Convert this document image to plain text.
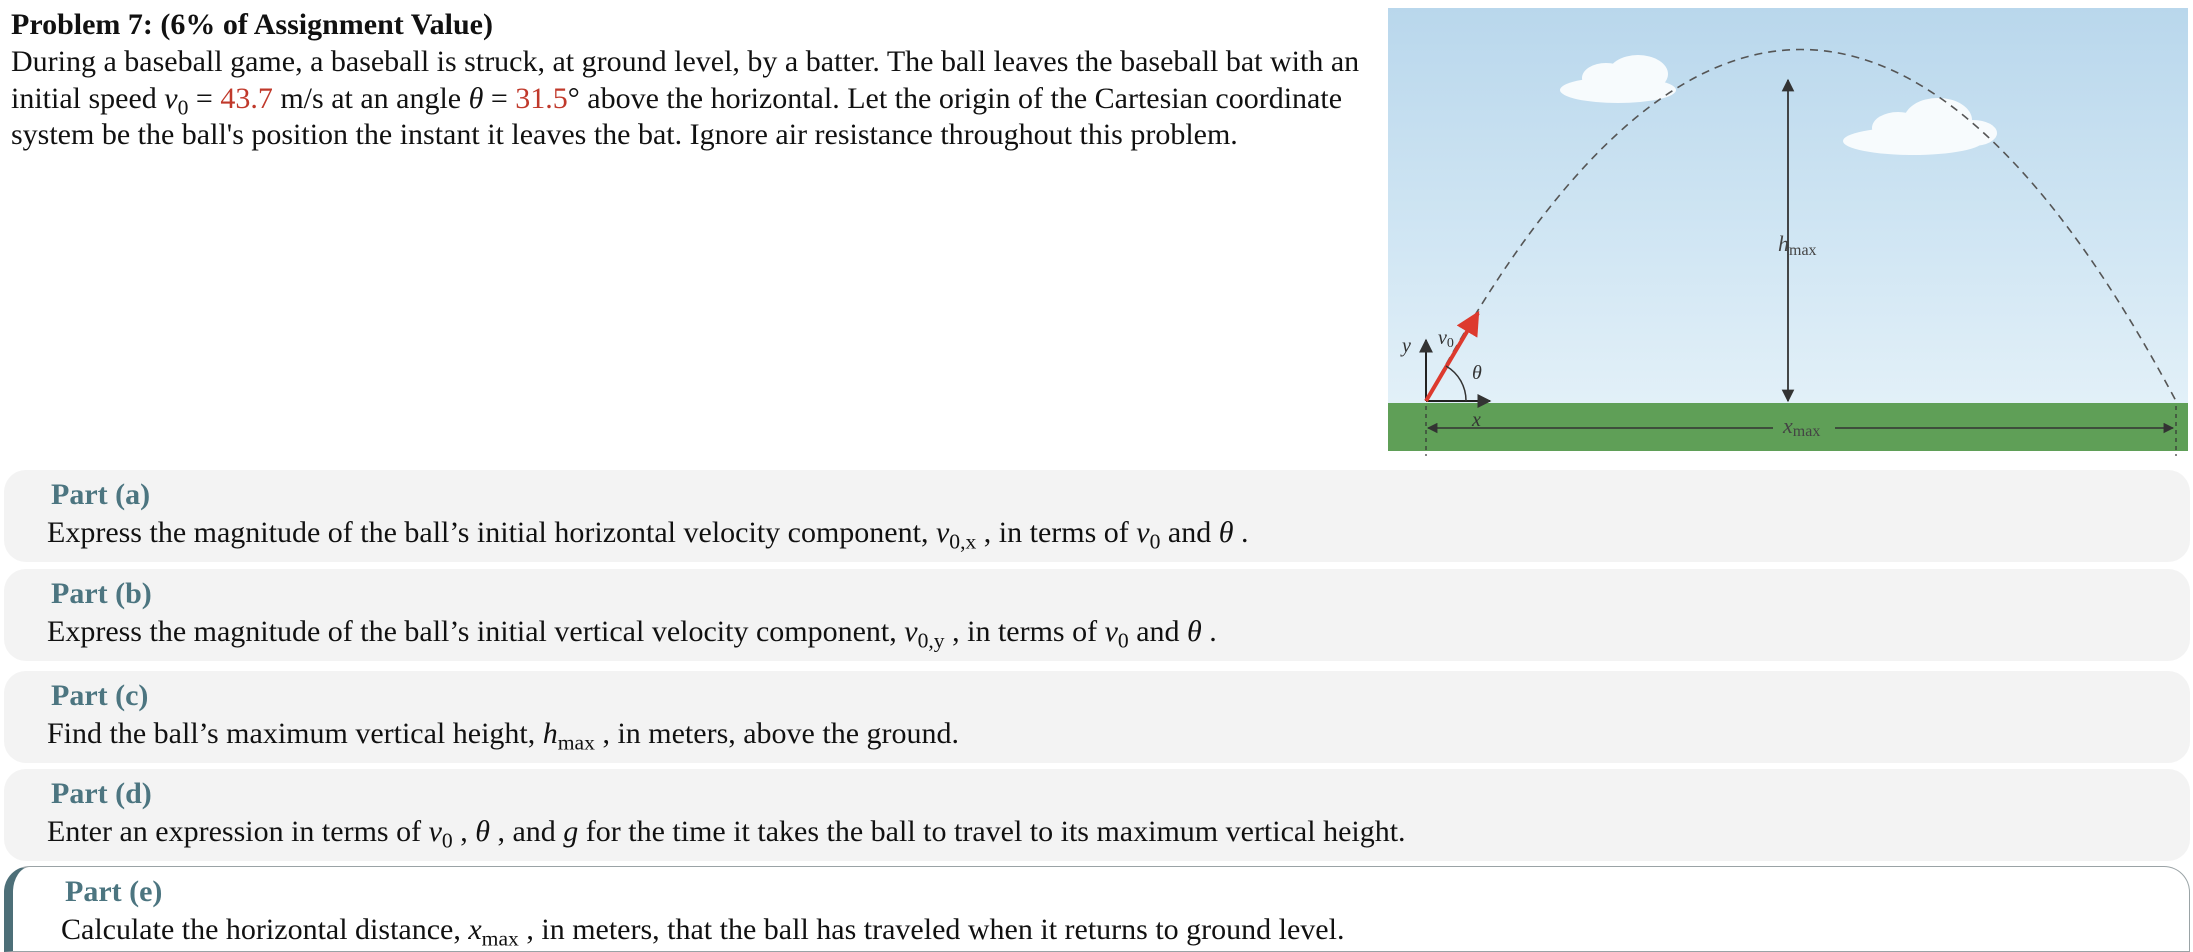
Problem 7: (6% of Assignment Value)
During a baseball game, a baseball is struck, at ground level, by a batter. The ball leaves the baseball bat with an initial speed $v_0 = 43.7$ m/s at an angle θ = 31.5° above the horizontal. Let the origin of the Cartesian coordinate system be the ball's position the instant it leaves the bat. Ignore air resistance throughout this problem.
hmax
xmax
y
x
v0
θ
Part (a)
Express the magnitude of the ball’s initial horizontal velocity component, $v_{0,x}$ , in terms of $v_0$ and θ .
Part (b)
Express the magnitude of the ball’s initial vertical velocity component, $v_{0,y}$ , in terms of $v_0$ and θ .
Part (c)
Find the ball’s maximum vertical height, $h_{max}$ , in meters, above the ground.
Part (d)
Enter an expression in terms of $v_0$ , θ , and g for the time it takes the ball to travel to its maximum vertical height.
Part (e)
Calculate the horizontal distance, $x_{max}$ , in meters, that the ball has traveled when it returns to ground level.
